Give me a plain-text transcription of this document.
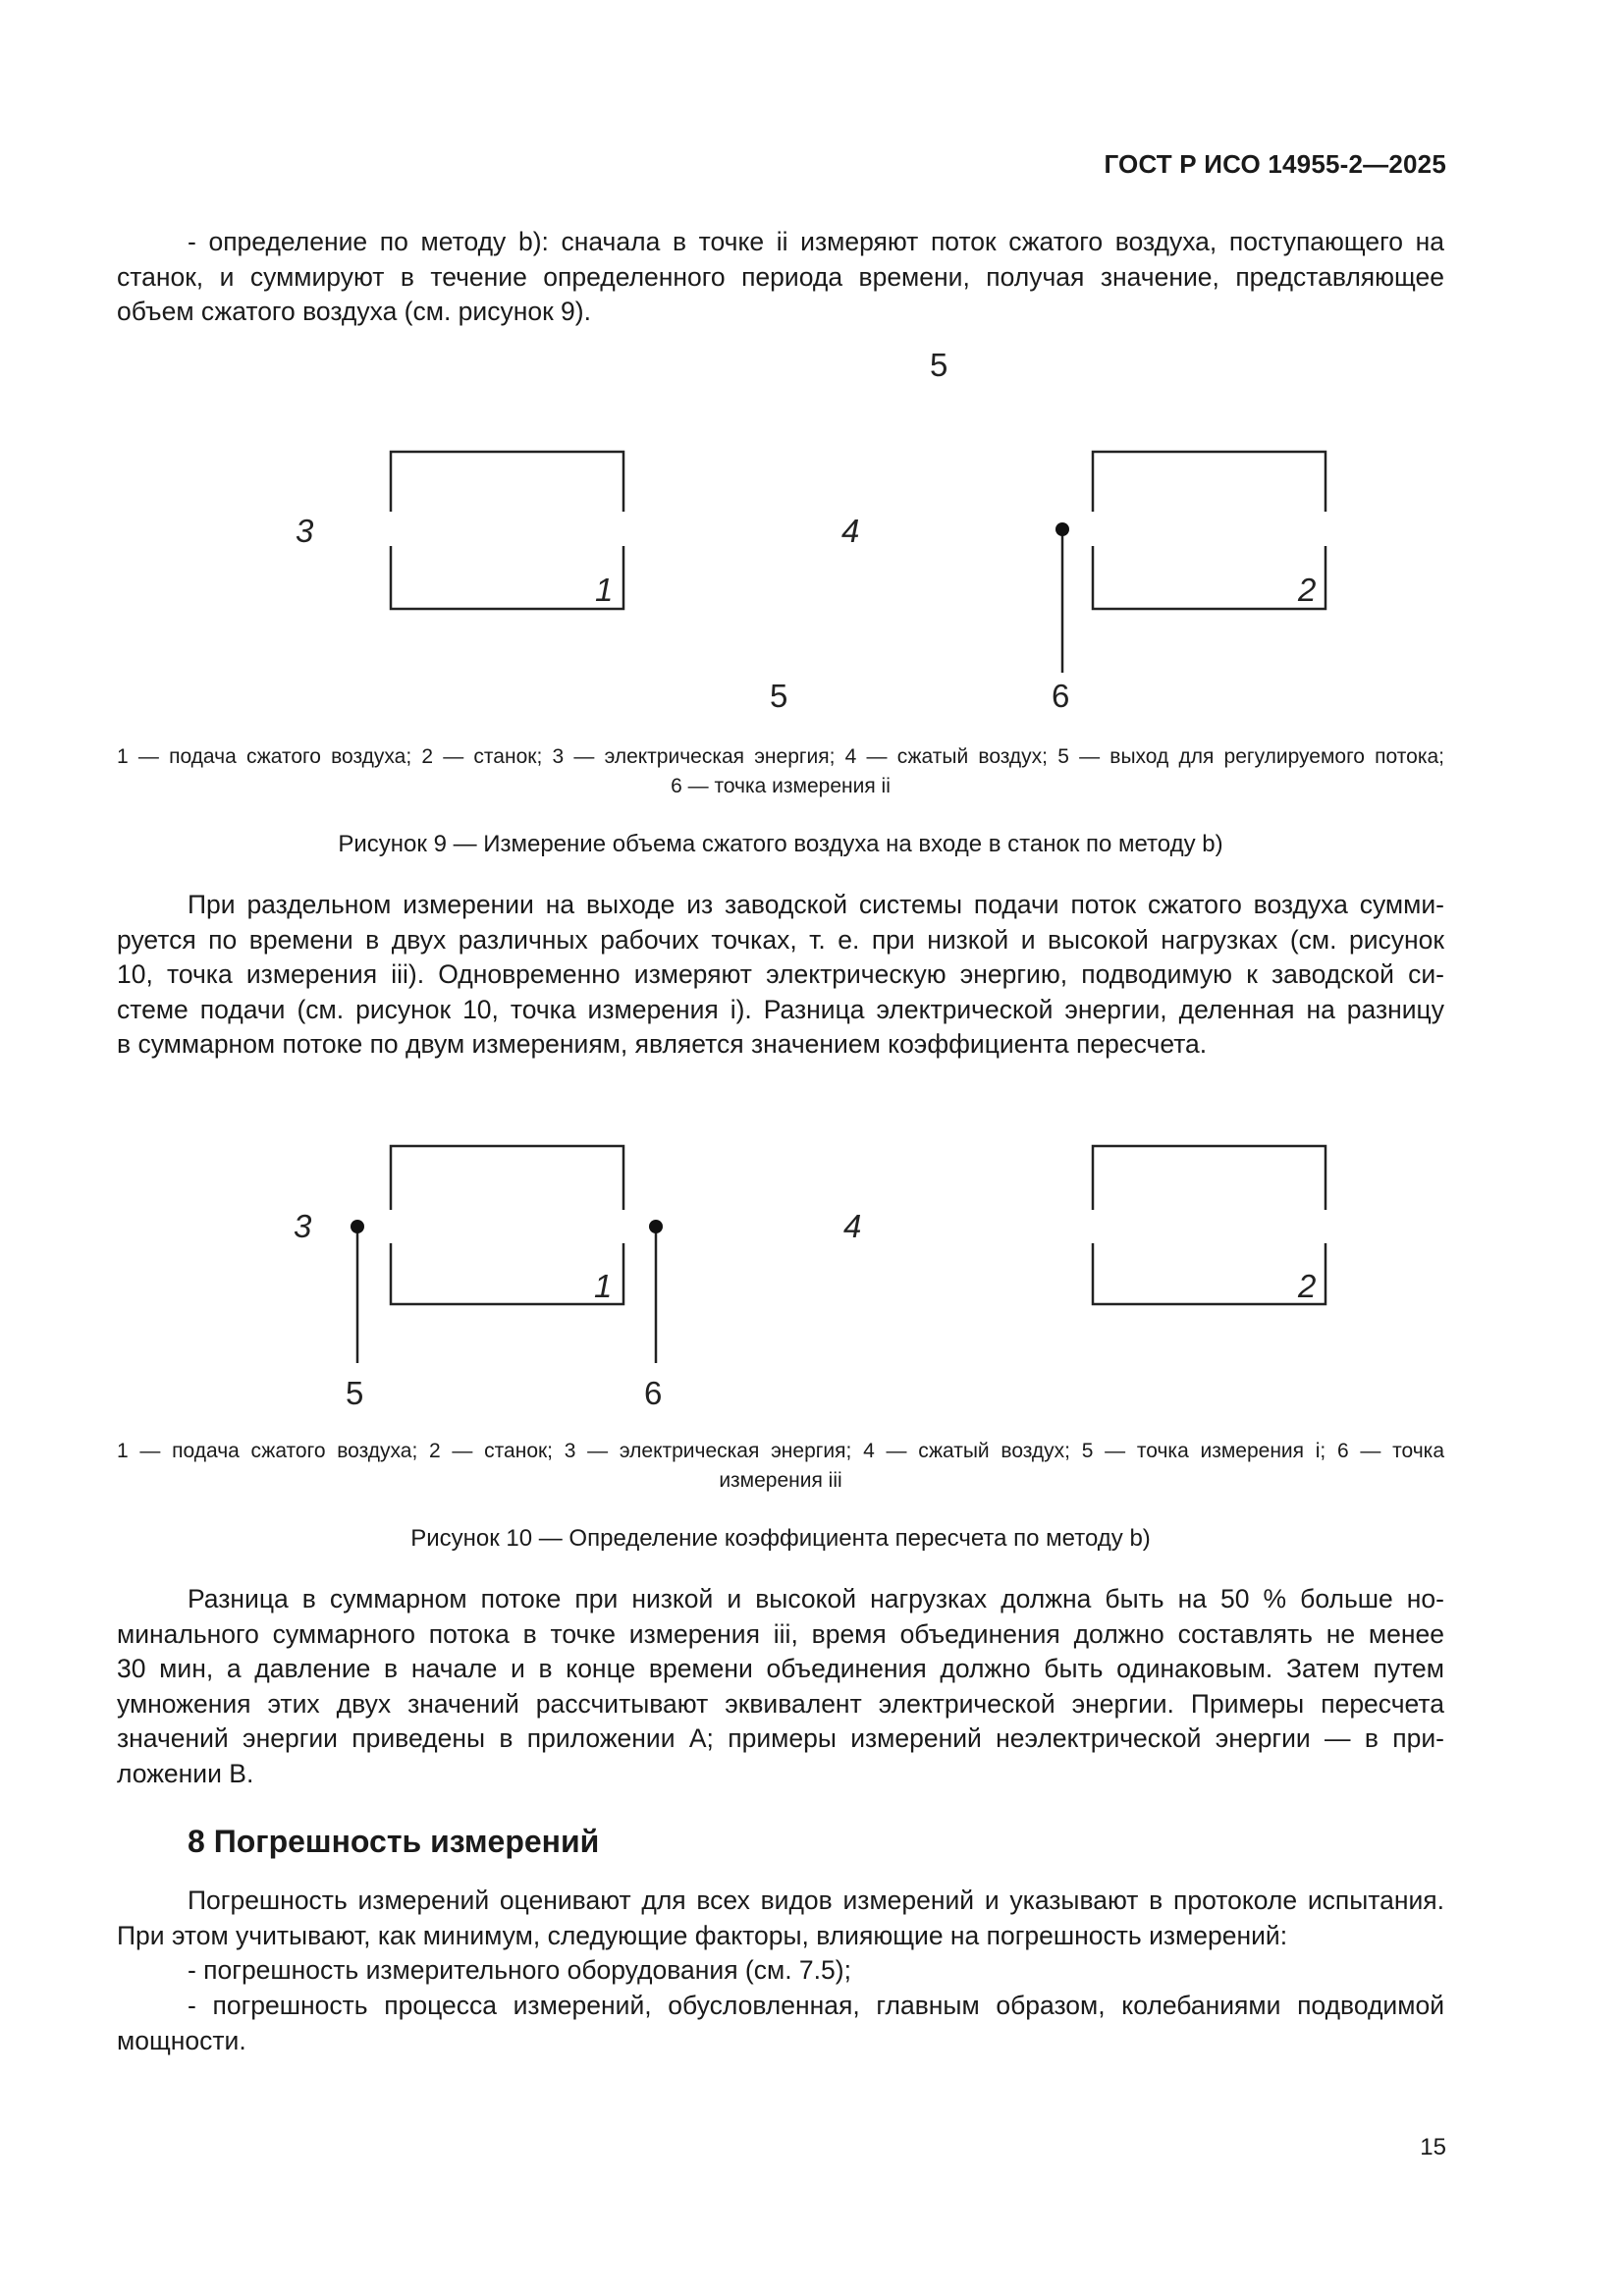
ГОСТ Р ИСО 14955-2—2025

- определение по методу b): сначала в точке ii измеряют поток сжатого воздуха, поступающего на
станок, и суммируют в течение определенного периода времени, получая значение, представляющее
объем сжатого воздуха (см. рисунок 9).

5
3	4
1	2
5	6

1 — подача сжатого воздуха; 2 — станок; 3 — электрическая энергия; 4 — сжатый воздух; 5 — выход для регулируемого потока;
6 — точка измерения ii

Рисунок 9 — Измерение объема сжатого воздуха на входе в станок по методу b)

При раздельном измерении на выходе из заводской системы подачи поток сжатого воздуха сумми-
руется по времени в двух различных рабочих точках, т. е. при низкой и высокой нагрузках (см. рисунок
10, точка измерения iii). Одновременно измеряют электрическую энергию, подводимую к заводской си-
стеме подачи (см. рисунок 10, точка измерения i). Разница электрической энергии, деленная на разницу
в суммарном потоке по двум измерениям, является значением коэффициента пересчета.

3	4
1	2
5	6

1 — подача сжатого воздуха; 2 — станок; 3 — электрическая энергия; 4 — сжатый воздух; 5 — точка измерения i; 6 — точка
измерения iii

Рисунок 10 — Определение коэффициента пересчета по методу b)

Разница в суммарном потоке при низкой и высокой нагрузках должна быть на 50 % больше но-
минального суммарного потока в точке измерения iii, время объединения должно составлять не менее
30 мин, а давление в начале и в конце времени объединения должно быть одинаковым. Затем путем
умножения этих двух значений рассчитывают эквивалент электрической энергии. Примеры пересчета
значений энергии приведены в приложении А; примеры измерений неэлектрической энергии — в при-
ложении В.

8 Погрешность измерений

Погрешность измерений оценивают для всех видов измерений и указывают в протоколе испытания.
При этом учитывают, как минимум, следующие факторы, влияющие на погрешность измерений:

- погрешность измерительного оборудования (см. 7.5);

- погрешность процесса измерений, обусловленная, главным образом, колебаниями подводимой
мощности.

15
